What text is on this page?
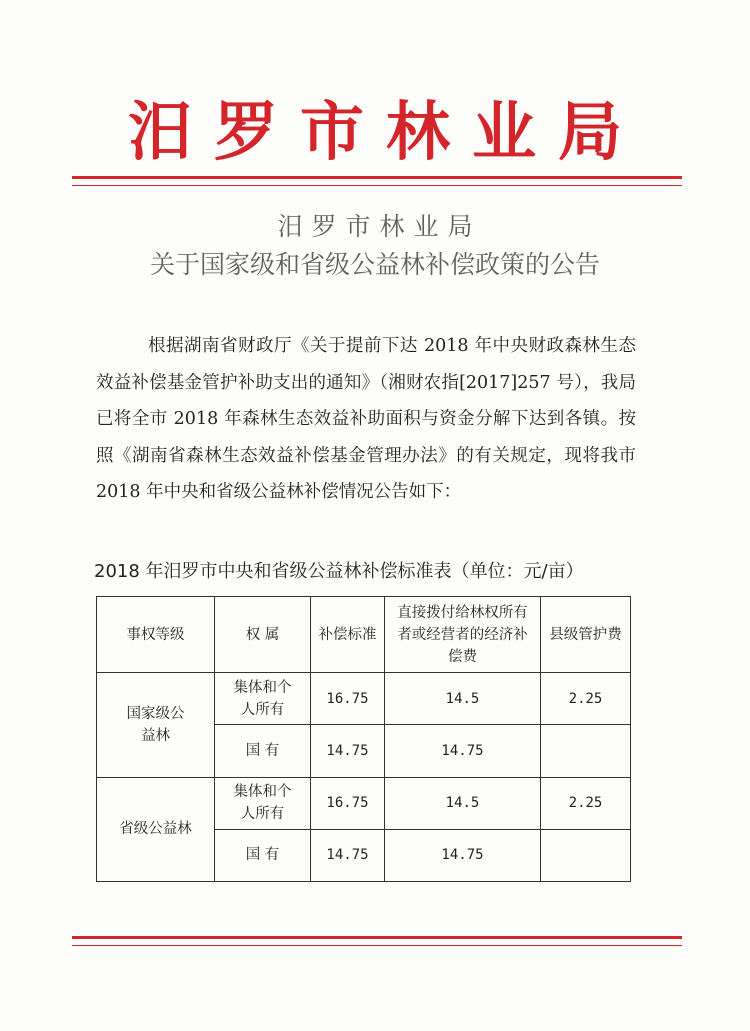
汨罗市林业局
汨罗市林业局
关于国家级和省级公益林补偿政策的公告
根据湖南省财政厅《关于提前下达 2018 年中央财政森林生态效益补偿基金管护补助支出的通知》（湘财农指[2017]257 号），我局已将全市 2018 年森林生态效益补助面积与资金分解下达到各镇。按照《湖南省森林生态效益补偿基金管理办法》的有关规定，现将我市 2018 年中央和省级公益林补偿情况公告如下：
2018 年汨罗市中央和省级公益林补偿标准表（单位：元/亩）
事权等级	权 属	补偿标准	直接拨付给林权所有者或经营者的经济补偿费	县级管护费
国家级公益林	集体和个人所有	16.75	14.5	2.25
	国 有	14.75	14.75	
省级公益林	集体和个人所有	16.75	14.5	2.25
	国 有	14.75	14.75	
